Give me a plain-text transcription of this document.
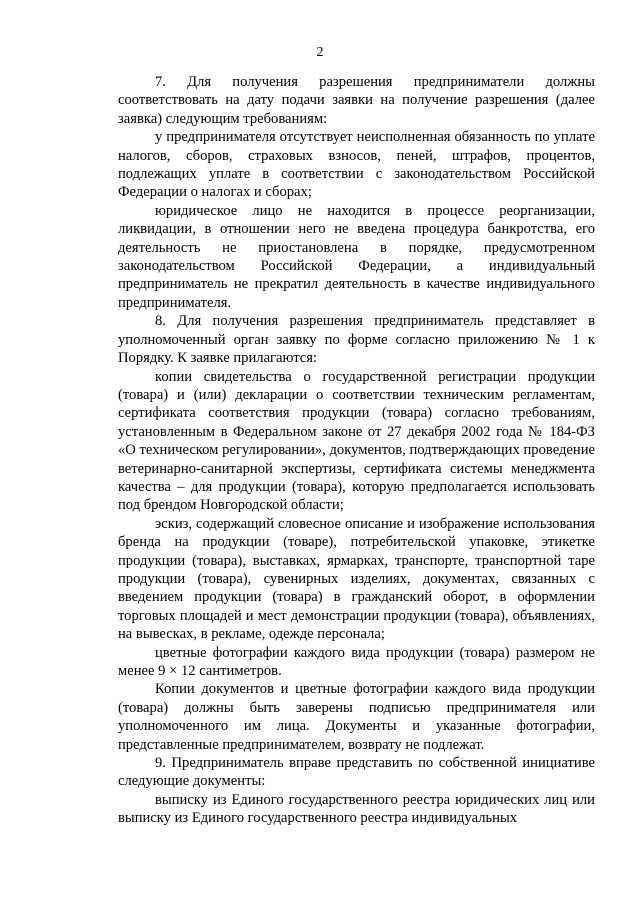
2

7. Для получения разрешения предприниматели должны соответствовать на дату подачи заявки на получение разрешения (далее заявка) следующим требованиям:

у предпринимателя отсутствует неисполненная обязанность по уплате налогов, сборов, страховых взносов, пеней, штрафов, процентов, подлежащих уплате в соответствии с законодательством Российской Федерации о налогах и сборах;

юридическое лицо не находится в процессе реорганизации, ликвидации, в отношении него не введена процедура банкротства, его деятельность не приостановлена в порядке, предусмотренном законодательством Российской Федерации, а индивидуальный предприниматель не прекратил деятельность в качестве индивидуального предпринимателя.

8. Для получения разрешения предприниматель представляет в уполномоченный орган заявку по форме согласно приложению № 1 к Порядку. К заявке прилагаются:

копии свидетельства о государственной регистрации продукции (товара) и (или) декларации о соответствии техническим регламентам, сертификата соответствия продукции (товара) согласно требованиям, установленным в Федеральном законе от 27 декабря 2002 года № 184-ФЗ «О техническом регулировании», документов, подтверждающих проведение ветеринарно-санитарной экспертизы, сертификата системы менеджмента качества – для продукции (товара), которую предполагается использовать под брендом Новгородской области;

эскиз, содержащий словесное описание и изображение использования бренда на продукции (товаре), потребительской упаковке, этикетке продукции (товара), выставках, ярмарках, транспорте, транспортной таре продукции (товара), сувенирных изделиях, документах, связанных с введением продукции (товара) в гражданский оборот, в оформлении торговых площадей и мест демонстрации продукции (товара), объявлениях, на вывесках, в рекламе, одежде персонала;

цветные фотографии каждого вида продукции (товара) размером не менее 9 × 12 сантиметров.

Копии документов и цветные фотографии каждого вида продукции (товара) должны быть заверены подписью предпринимателя или уполномоченного им лица. Документы и указанные фотографии, представленные предпринимателем, возврату не подлежат.

9. Предприниматель вправе представить по собственной инициативе следующие документы:

выписку из Единого государственного реестра юридических лиц или выписку из Единого государственного реестра индивидуальных
